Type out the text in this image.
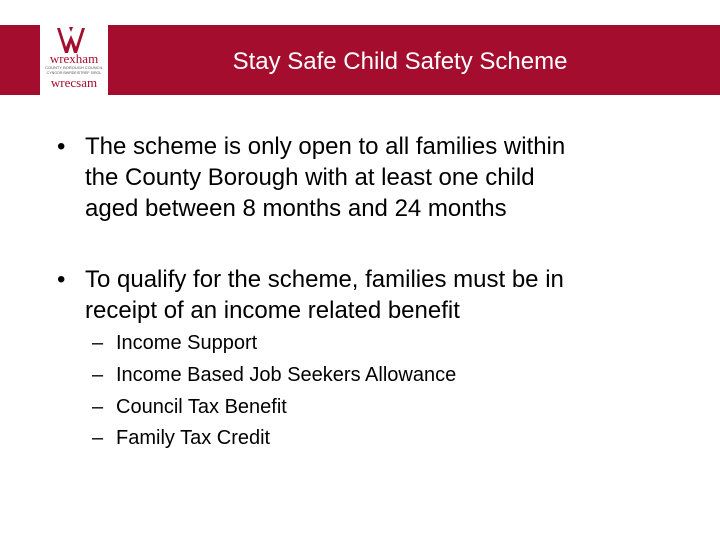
wrexham
COUNTY BOROUGH COUNCIL
CYNGOR BWRDEISTREF SIROL
wrecsam
Stay Safe Child Safety Scheme
• The scheme is only open to all families within
the County Borough with at least one child
aged between 8 months and 24 months
• To qualify for the scheme, families must be in
receipt of an income related benefit
– Income Support
– Income Based Job Seekers Allowance
– Council Tax Benefit
– Family Tax Credit
